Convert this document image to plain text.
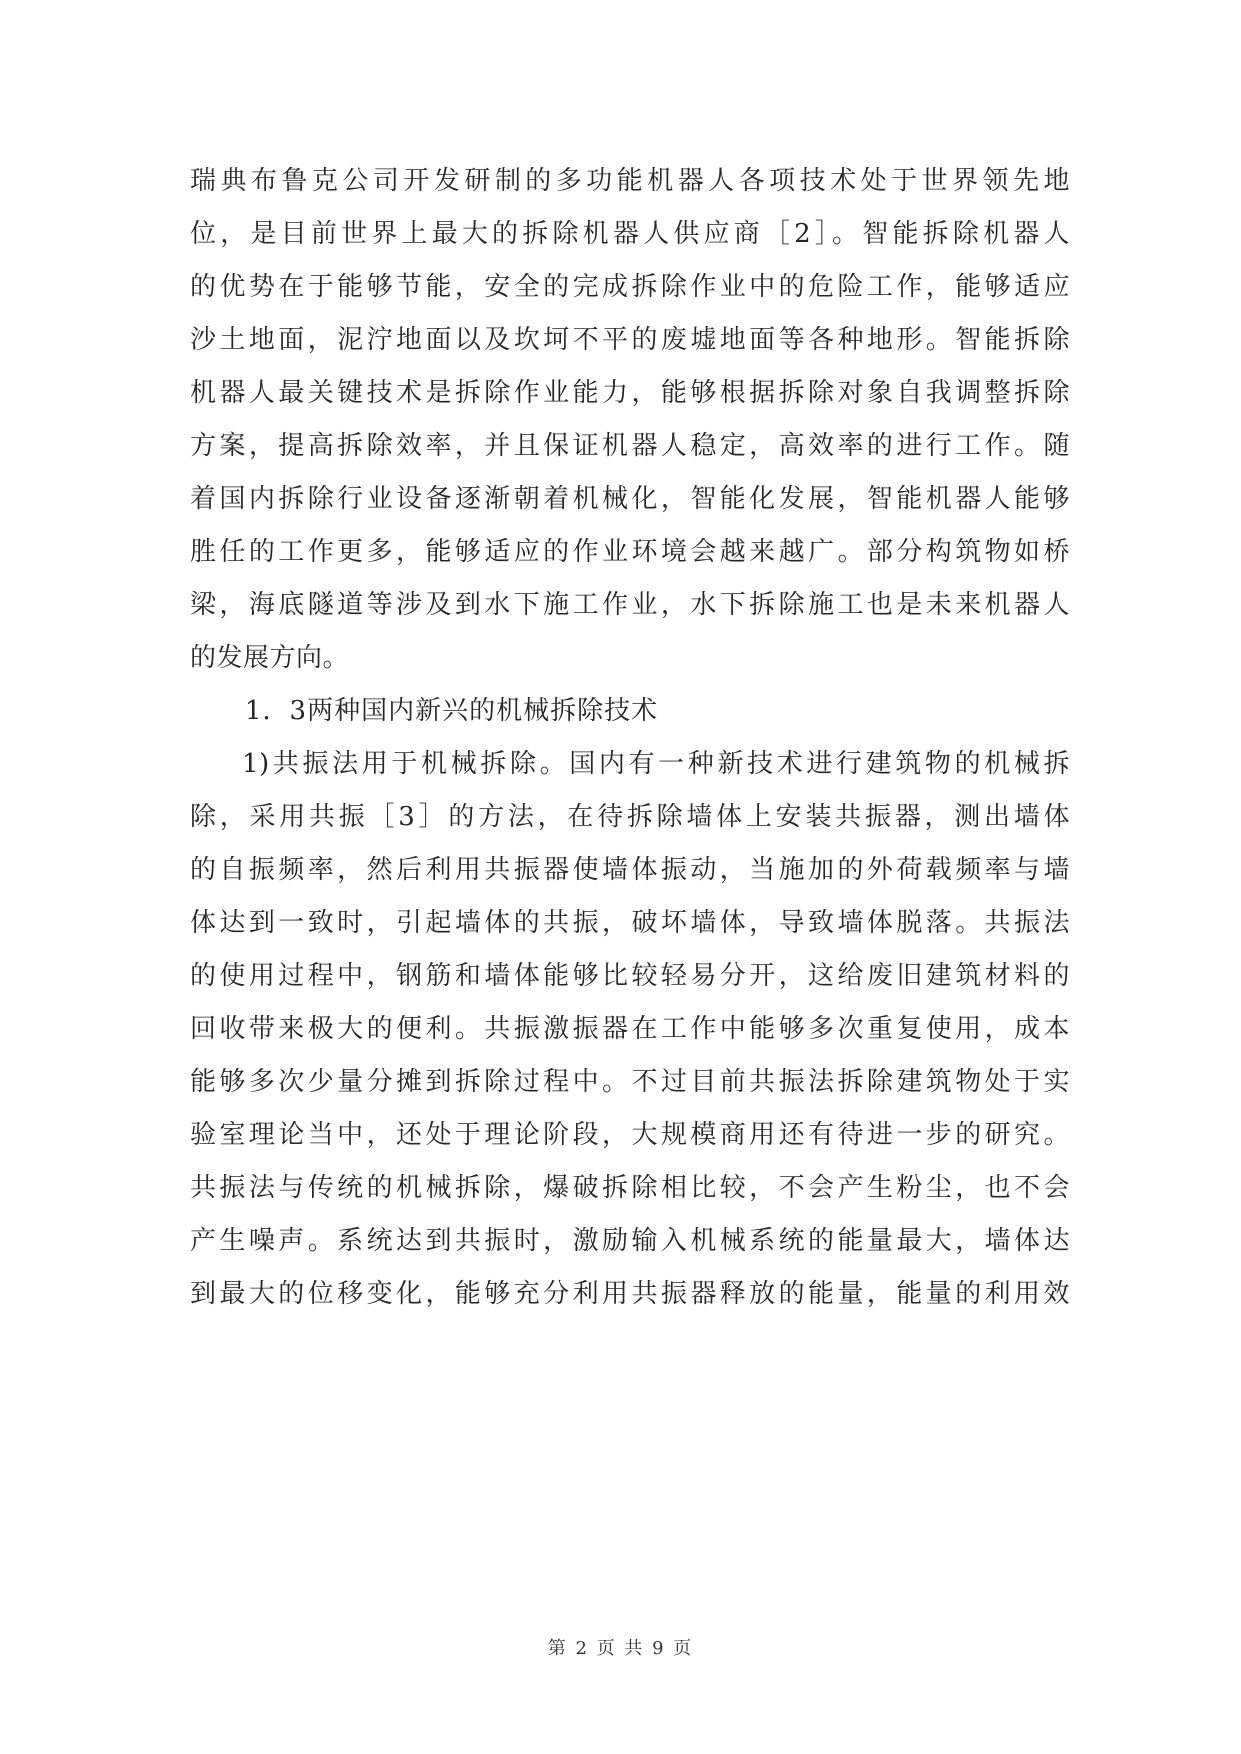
瑞典布鲁克公司开发研制的多功能机器人各项技术处于世界领先地
位，是目前世界上最大的拆除机器人供应商［2］。智能拆除机器人
的优势在于能够节能，安全的完成拆除作业中的危险工作，能够适应
沙土地面，泥泞地面以及坎坷不平的废墟地面等各种地形。智能拆除
机器人最关键技术是拆除作业能力，能够根据拆除对象自我调整拆除
方案，提高拆除效率，并且保证机器人稳定，高效率的进行工作。随
着国内拆除行业设备逐渐朝着机械化，智能化发展，智能机器人能够
胜任的工作更多，能够适应的作业环境会越来越广。部分构筑物如桥
梁，海底隧道等涉及到水下施工作业，水下拆除施工也是未来机器人
的发展方向。
1．3两种国内新兴的机械拆除技术
1)共振法用于机械拆除。国内有一种新技术进行建筑物的机械拆
除，采用共振［3］的方法，在待拆除墙体上安装共振器，测出墙体
的自振频率，然后利用共振器使墙体振动，当施加的外荷载频率与墙
体达到一致时，引起墙体的共振，破坏墙体，导致墙体脱落。共振法
的使用过程中，钢筋和墙体能够比较轻易分开，这给废旧建筑材料的
回收带来极大的便利。共振激振器在工作中能够多次重复使用，成本
能够多次少量分摊到拆除过程中。不过目前共振法拆除建筑物处于实
验室理论当中，还处于理论阶段，大规模商用还有待进一步的研究。
共振法与传统的机械拆除，爆破拆除相比较，不会产生粉尘，也不会
产生噪声。系统达到共振时，激励输入机械系统的能量最大，墙体达
到最大的位移变化，能够充分利用共振器释放的能量，能量的利用效
第 2 页 共 9 页
